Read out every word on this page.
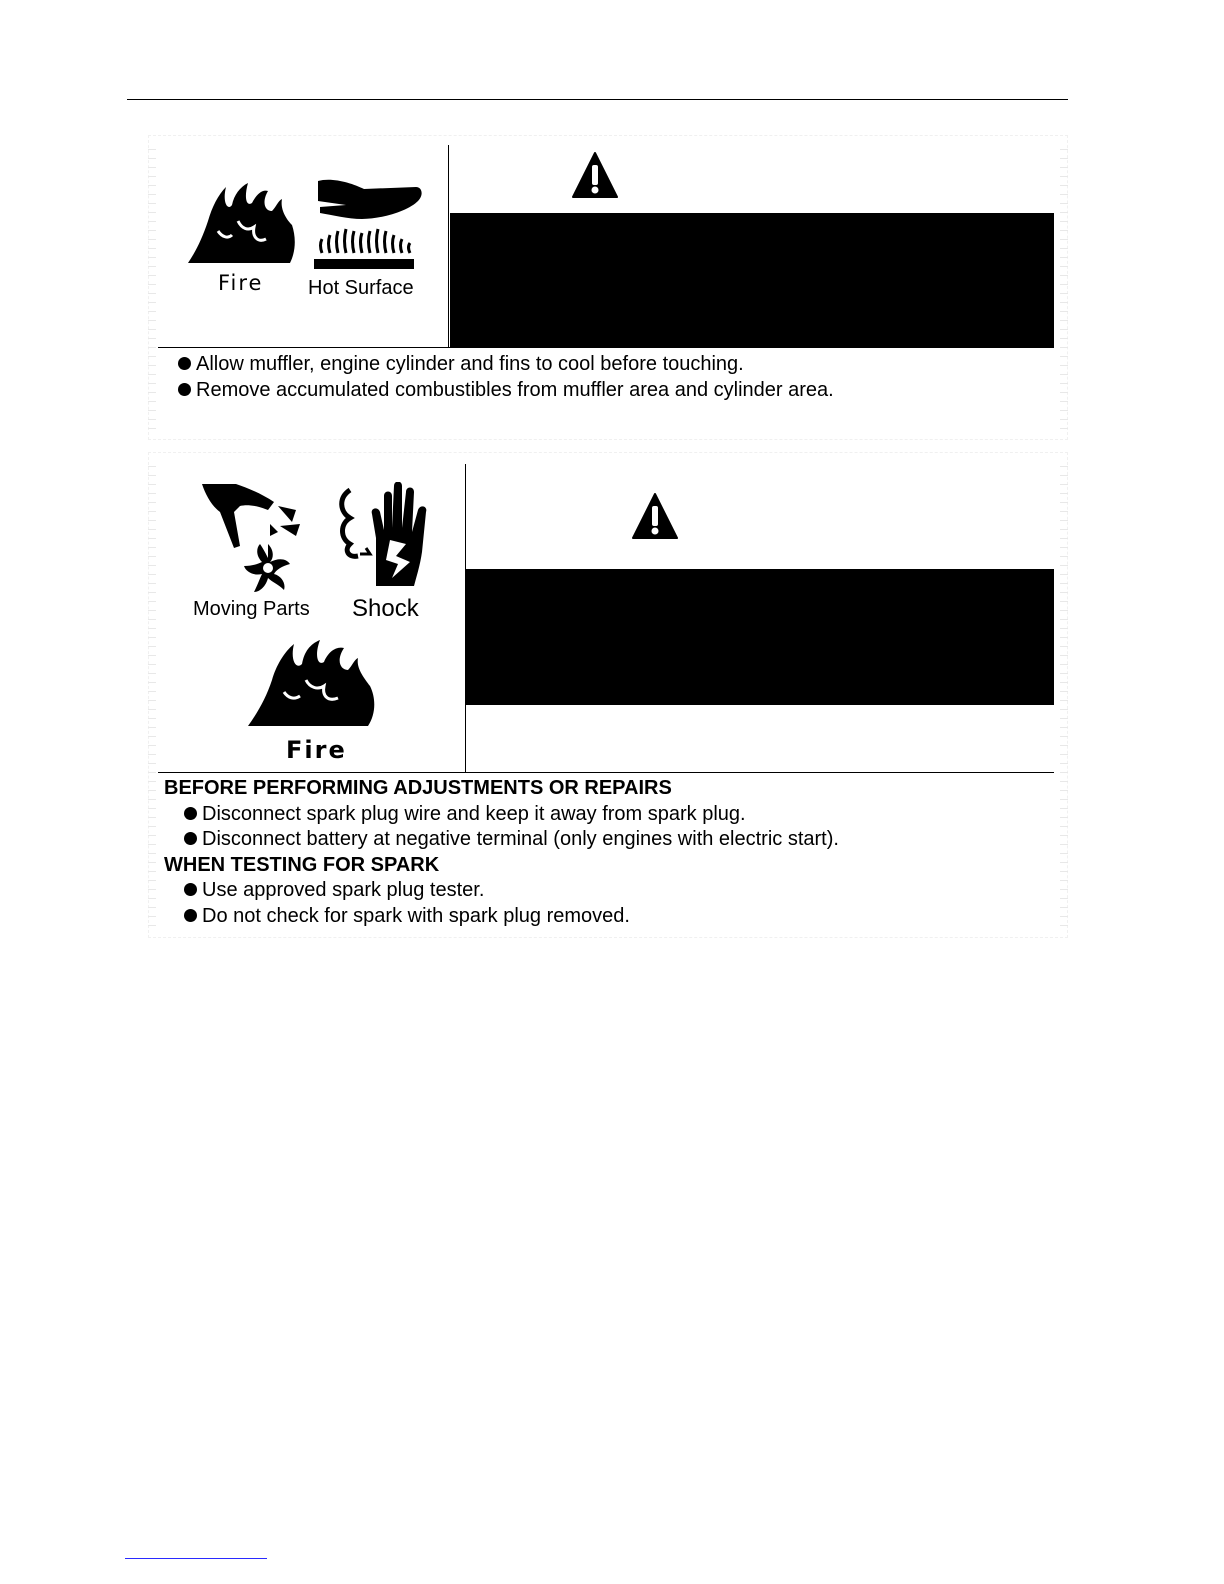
Fire Hot Surface
Allow muffler, engine cylinder and fins to cool before touching.
Remove accumulated combustibles from muffler area and cylinder area.
Moving Parts Shock
Fire
BEFORE PERFORMING ADJUSTMENTS OR REPAIRS
Disconnect spark plug wire and keep it away from spark plug.
Disconnect battery at negative terminal (only engines with electric start).
WHEN TESTING FOR SPARK
Use approved spark plug tester.
Do not check for spark with spark plug removed.
